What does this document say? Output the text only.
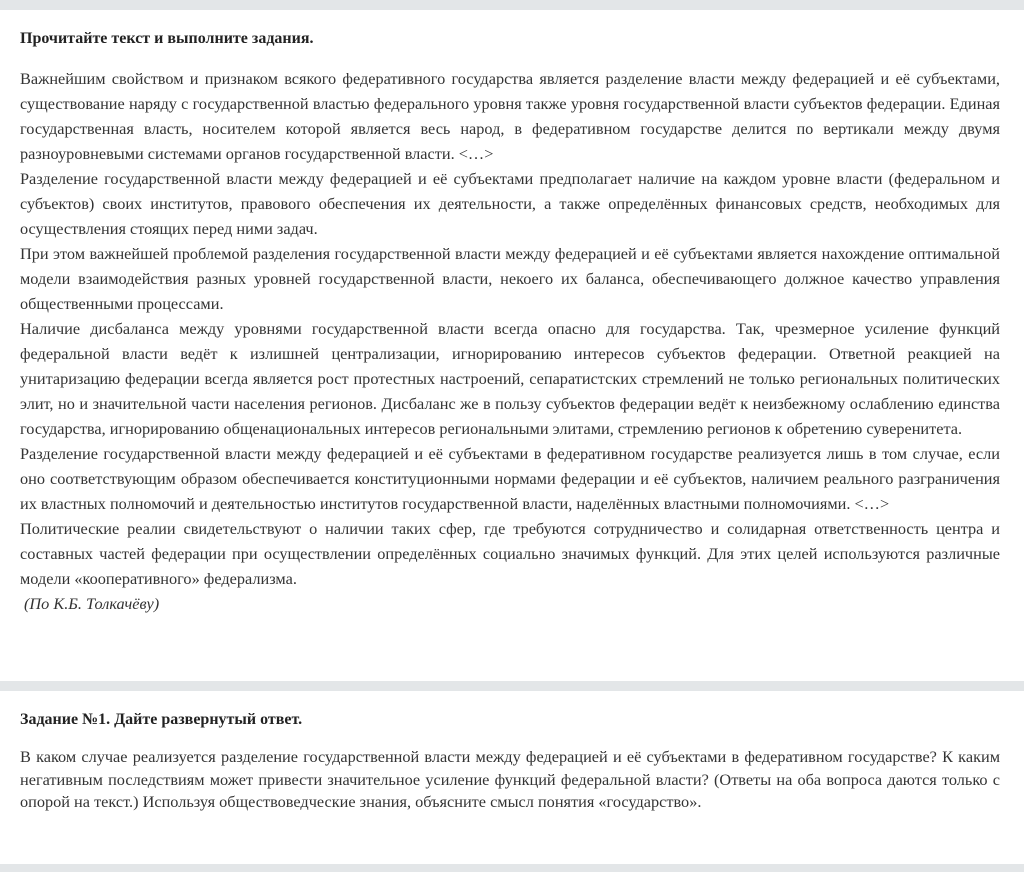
Прочитайте текст и выполните задания.

Важнейшим свойством и признаком всякого федеративного государства является разделение власти между федерацией и её субъектами, существование наряду с государственной властью федерального уровня также уровня государственной власти субъектов федерации. Единая государственная власть, носителем которой является весь народ, в федеративном государстве делится по вертикали между двумя разноуровневыми системами органов государственной власти. <…>

Разделение государственной власти между федерацией и её субъектами предполагает наличие на каждом уровне власти (федеральном и субъектов) своих институтов, правового обеспечения их деятельности, а также определённых финансовых средств, необходимых для осуществления стоящих перед ними задач.

При этом важнейшей проблемой разделения государственной власти между федерацией и её субъектами является нахождение оптимальной модели взаимодействия разных уровней государственной власти, некоего их баланса, обеспечивающего должное качество управления общественными процессами.

Наличие дисбаланса между уровнями государственной власти всегда опасно для государства. Так, чрезмерное усиление функций федеральной власти ведёт к излишней централизации, игнорированию интересов субъектов федерации. Ответной реакцией на унитаризацию федерации всегда является рост протестных настроений, сепаратистских стремлений не только региональных политических элит, но и значительной части населения регионов. Дисбаланс же в пользу субъектов федерации ведёт к неизбежному ослаблению единства государства, игнорированию общенациональных интересов региональными элитами, стремлению регионов к обретению суверенитета.

Разделение государственной власти между федерацией и её субъектами в федеративном государстве реализуется лишь в том случае, если оно соответствующим образом обеспечивается конституционными нормами федерации и её субъектов, наличием реального разграничения их властных полномочий и деятельностью институтов государственной власти, наделённых властными полномочиями. <…>

Политические реалии свидетельствуют о наличии таких сфер, где требуются сотрудничество и солидарная ответственность центра и составных частей федерации при осуществлении определённых социально значимых функций. Для этих целей используются различные модели «кооперативного» федерализма.

(По К.Б. Толкачёву)

Задание №1. Дайте развернутый ответ.

В каком случае реализуется разделение государственной власти между федерацией и её субъектами в федеративном государстве? К каким негативным последствиям может привести значительное усиление функций федеральной власти? (Ответы на оба вопроса даются только с опорой на текст.) Используя обществоведческие знания, объясните смысл понятия «государство».
